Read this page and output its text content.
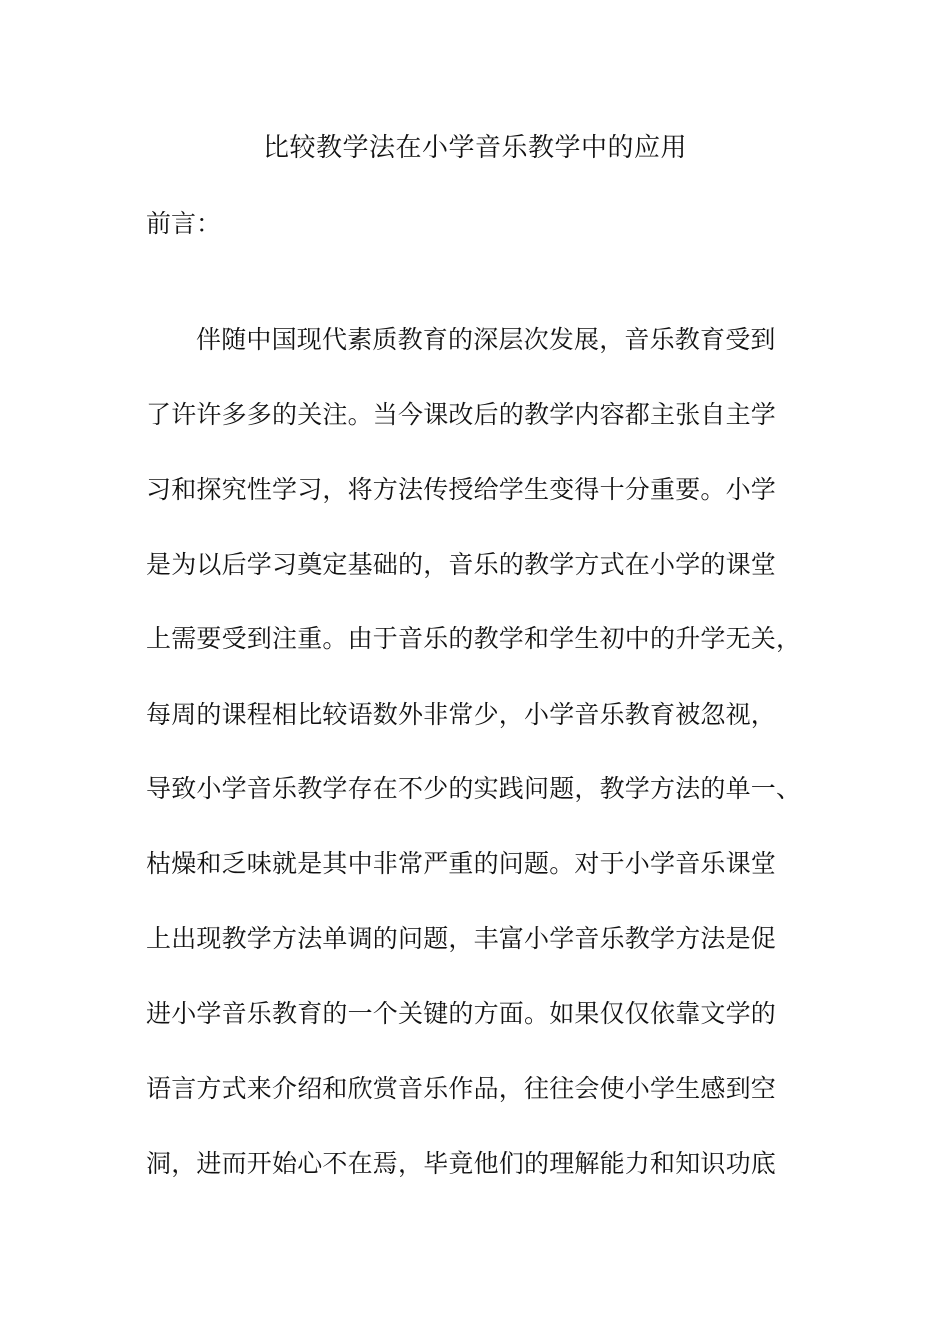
比较教学法在小学音乐教学中的应用
前言：
伴随中国现代素质教育的深层次发展，音乐教育受到
了许许多多的关注。当今课改后的教学内容都主张自主学
习和探究性学习，将方法传授给学生变得十分重要。小学
是为以后学习奠定基础的，音乐的教学方式在小学的课堂
上需要受到注重。由于音乐的教学和学生初中的升学无关，
每周的课程相比较语数外非常少，小学音乐教育被忽视，
导致小学音乐教学存在不少的实践问题，教学方法的单一、
枯燥和乏味就是其中非常严重的问题。对于小学音乐课堂
上出现教学方法单调的问题，丰富小学音乐教学方法是促
进小学音乐教育的一个关键的方面。如果仅仅依靠文学的
语言方式来介绍和欣赏音乐作品，往往会使小学生感到空
洞，进而开始心不在焉，毕竟他们的理解能力和知识功底
